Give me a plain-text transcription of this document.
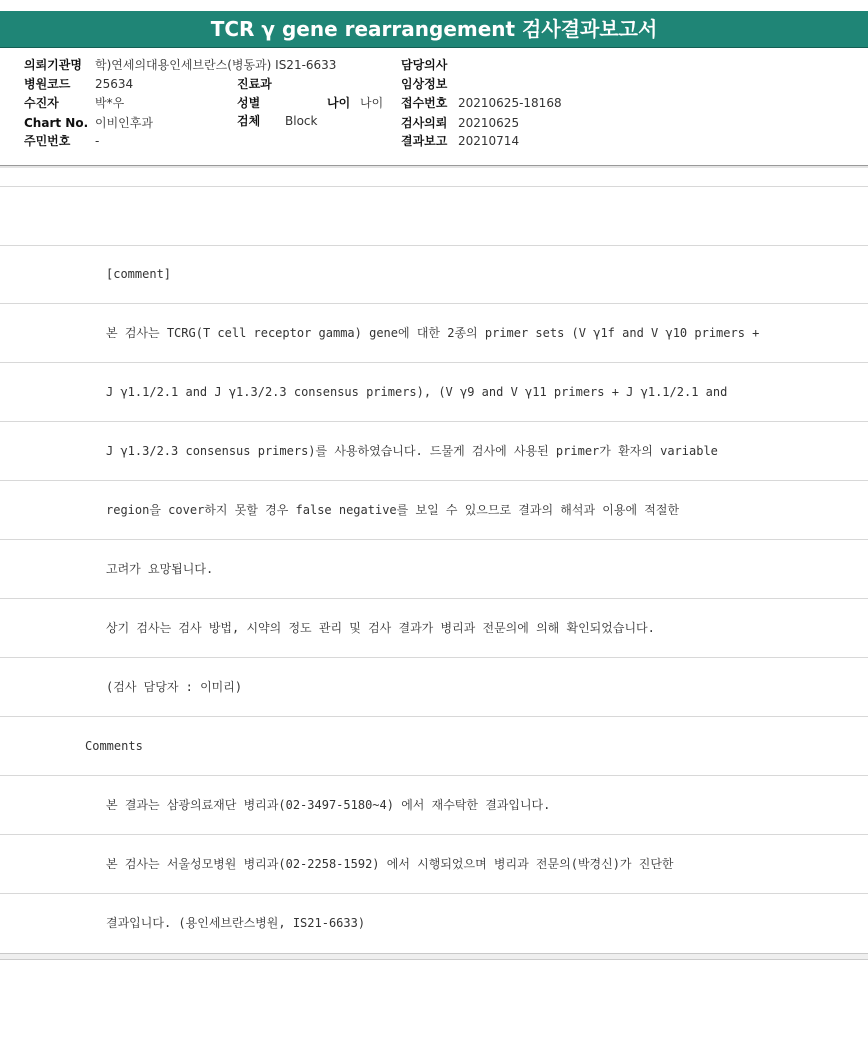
TCR γ gene rearrangement 검사결과보고서
의뢰기관명 학)연세의대용인세브란스(병동과) IS21-6633
병원코드 25634
수진자	박*우
Chart No. 이비인후과
주민번호 -
진료과
성별	나이 나이
검체 Block
담당의사
임상정보
접수번호 20210625-18168
검사의뢰 20210625
결과보고 20210714
[comment]
본 검사는 TCRG(T cell receptor gamma) gene에 대한 2종의 primer sets (V γ1f and V γ10 primers +
J γ1.1/2.1 and J γ1.3/2.3 consensus primers), (V γ9 and V γ11 primers + J γ1.1/2.1 and
J γ1.3/2.3 consensus primers)를 사용하였습니다. 드물게 검사에 사용된 primer가 환자의 variable
region을 cover하지 못할 경우 false negative를 보일 수 있으므로 결과의 해석과 이용에 적절한
고려가 요망됩니다.
상기 검사는 검사 방법, 시약의 정도 관리 및 검사 결과가 병리과 전문의에 의해 확인되었습니다.
(검사 담당자 : 이미리)
Comments
본 결과는 삼광의료재단 병리과(02-3497-5180~4) 에서 재수탁한 결과입니다.
본 검사는 서울성모병원 병리과(02-2258-1592) 에서 시행되었으며 병리과 전문의(박경신)가 진단한
결과입니다. (용인세브란스병원, IS21-6633)
